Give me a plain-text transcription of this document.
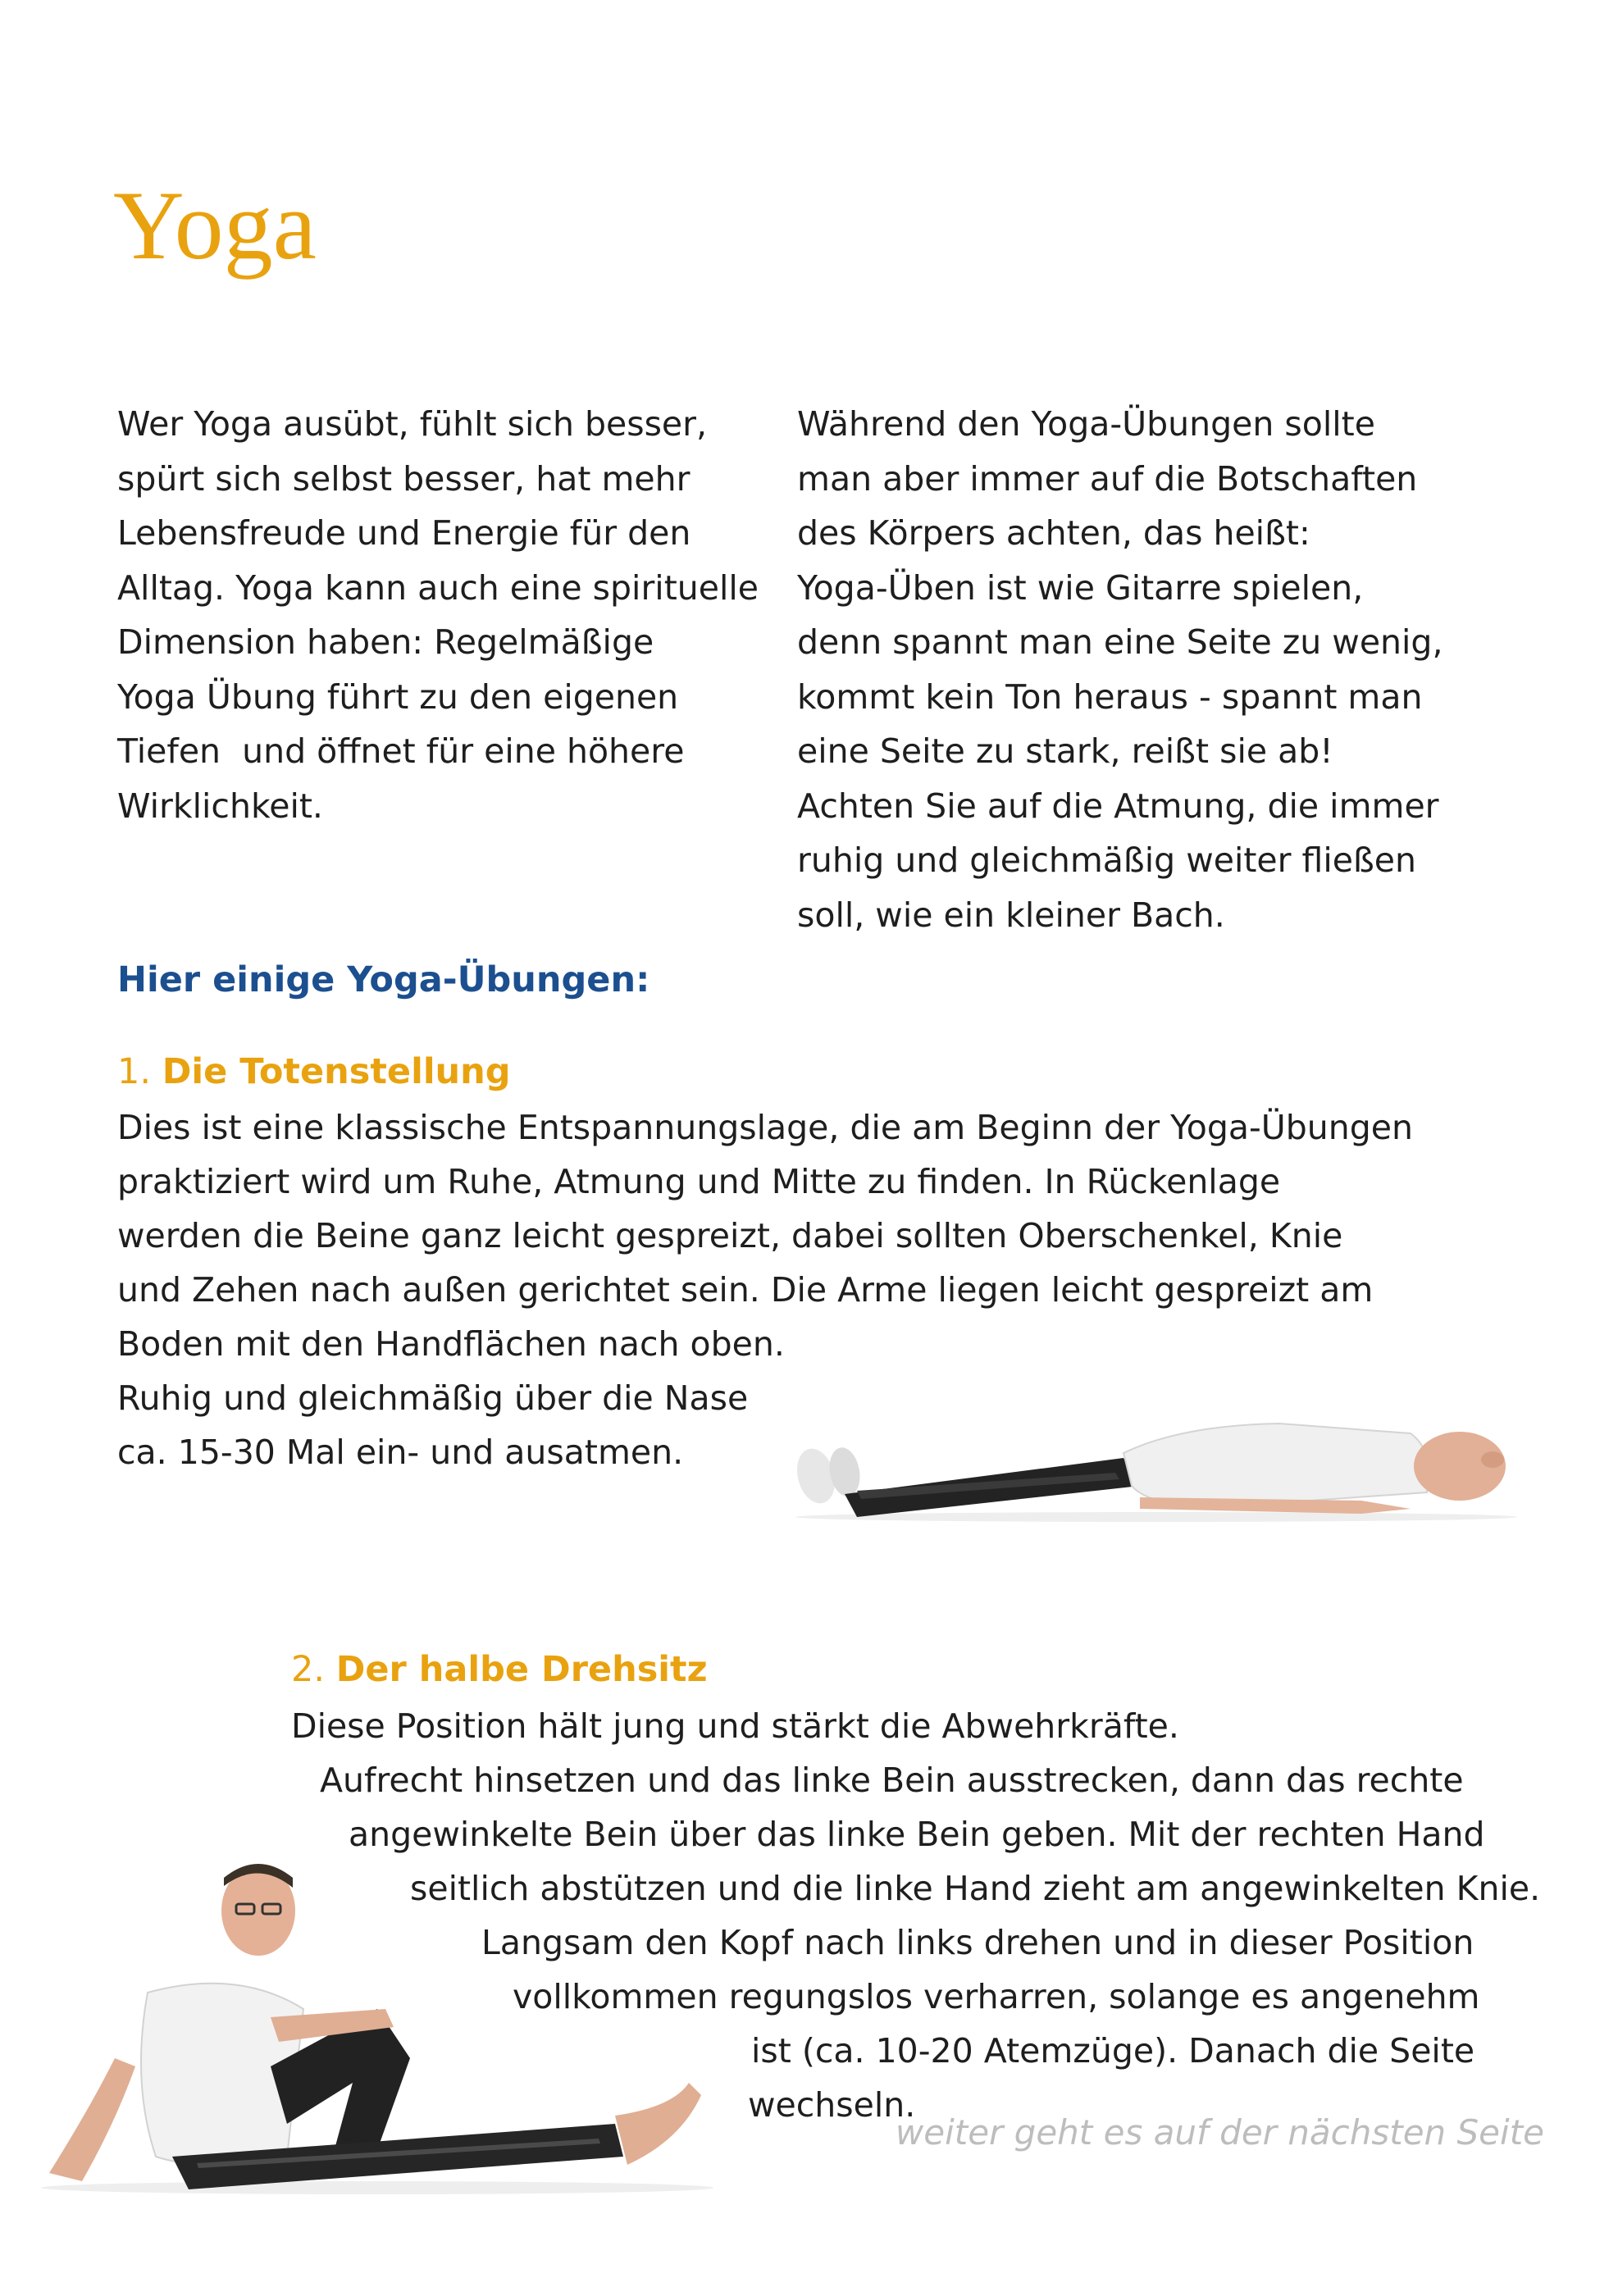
Yoga
Wer Yoga ausübt, fühlt sich besser,
spürt sich selbst besser, hat mehr
Lebensfreude und Energie für den
Alltag. Yoga kann auch eine spirituelle
Dimension haben: Regelmäßige
Yoga Übung führt zu den eigenen
Tiefen  und öffnet für eine höhere
Wirklichkeit.
Während den Yoga-Übungen sollte
man aber immer auf die Botschaften
des Körpers achten, das heißt:
Yoga-Üben ist wie Gitarre spielen,
denn spannt man eine Seite zu wenig,
kommt kein Ton heraus - spannt man
eine Seite zu stark, reißt sie ab!
Achten Sie auf die Atmung, die immer
ruhig und gleichmäßig weiter fließen
soll, wie ein kleiner Bach.
Hier einige Yoga-Übungen:
1. Die Totenstellung
Dies ist eine klassische Entspannungslage, die am Beginn der Yoga-Übungen
praktiziert wird um Ruhe, Atmung und Mitte zu finden. In Rückenlage
werden die Beine ganz leicht gespreizt, dabei sollten Oberschenkel, Knie
und Zehen nach außen gerichtet sein. Die Arme liegen leicht gespreizt am
Boden mit den Handflächen nach oben.
Ruhig und gleichmäßig über die Nase
ca. 15-30 Mal ein- und ausatmen.
2. Der halbe Drehsitz
Diese Position hält jung und stärkt die Abwehrkräfte.
Aufrecht hinsetzen und das linke Bein ausstrecken, dann das rechte
angewinkelte Bein über das linke Bein geben. Mit der rechten Hand
seitlich abstützen und die linke Hand zieht am angewinkelten Knie.
Langsam den Kopf nach links drehen und in dieser Position
vollkommen regungslos verharren, solange es angenehm
ist (ca. 10-20 Atemzüge). Danach die Seite
wechseln.
weiter geht es auf der nächsten Seite
